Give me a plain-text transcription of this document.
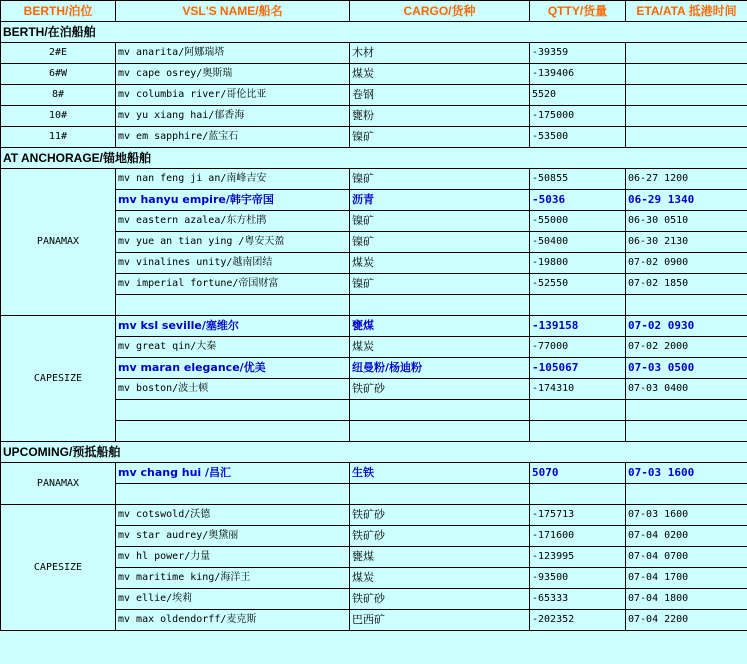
BERTH/泊位	VSL'S NAME/船名	CARGO/货种	QTTY/货量	ETA/ATA 抵港时间
BERTH/在泊船舶				
2#E	mv anarita/阿娜瑞塔	木材	-39359	
6#W	mv cape osrey/奥斯瑞	煤炭	-139406	
8#	mv columbia river/哥伦比亚	卷钢	5520	
10#	mv yu xiang hai/郁香海	甕粉	-175000	
11#	mv em sapphire/蓝宝石	镍矿	-53500	
AT ANCHORAGE/锚地船舶				
PANAMAX	mv nan feng ji an/南峰吉安	镍矿	-50855	06-27 1200
	mv hanyu empire/韩宇帝国	沥青	-5036	06-29 1340
	mv eastern azalea/东方杜鹃	镍矿	-55000	06-30 0510
	mv yue an tian ying /粤安天盈	镍矿	-50400	06-30 2130
	mv vinalines unity/越南团结	煤炭	-19800	07-02 0900
	mv imperial fortune/帝国财富	镍矿	-52550	07-02 1850

CAPESIZE	mv ksl seville/塞维尔	甕煤	-139158	07-02 0930
	mv great qin/大秦	煤炭	-77000	07-02 2000
	mv maran elegance/优美	纽曼粉/杨迪粉	-105067	07-03 0500
	mv boston/波士顿	铁矿砂	-174310	07-03 0400

UPCOMING/预抵船舶				
PANAMAX	mv chang hui /昌汇	生铁	5070	07-03 1600

CAPESIZE	mv cotswold/沃德	铁矿砂	-175713	07-03 1600
	mv star audrey/奥黛丽	铁矿砂	-171600	07-04 0200
	mv hl power/力量	甕煤	-123995	07-04 0700
	mv maritime king/海洋王	煤炭	-93500	07-04 1700
	mv ellie/埃莉	铁矿砂	-65333	07-04 1800
	mv max oldendorff/麦克斯	巴西矿	-202352	07-04 2200
